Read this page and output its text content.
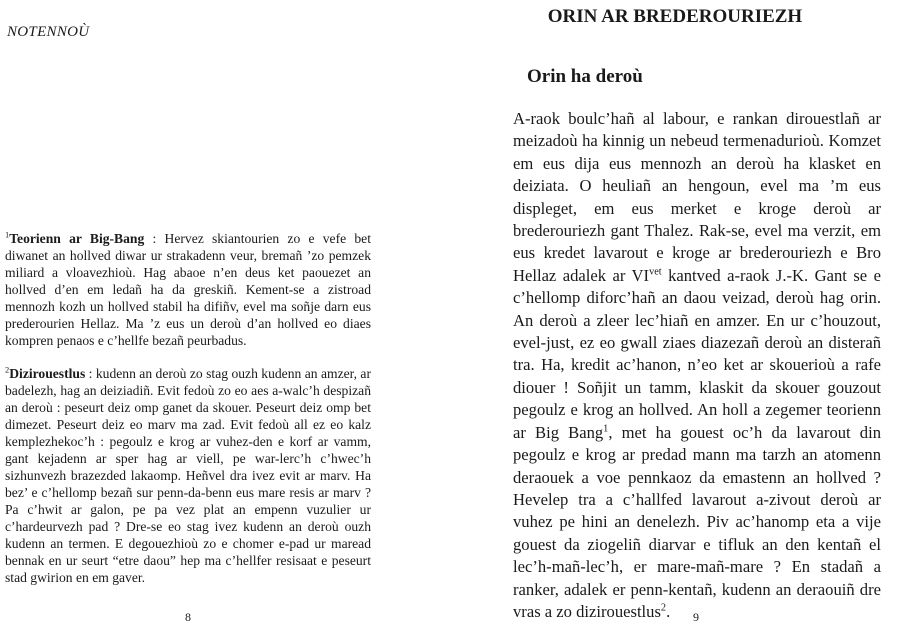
NOTENNOÙ

$^1$Teorienn ar Big-Bang : Hervez skiantourien zo e vefe bet diwanet an hollved diwar ur strakadenn veur, bremañ ’zo pemzek miliard a vloavezhioù. Hag abaoe n’en deus ket paouezet an hollved d’en em ledañ ha da greskiñ. Kement-se a zistroad mennozh kozh un hollved stabil ha difiñv, evel ma soñje darn eus prederourien Hellaz. Ma ’z eus un deroù d’an hollved eo diaes kompren penaos e c’hellfe bezañ peurbadus.

$^2$Dizirouestlus : kudenn an deroù zo stag ouzh kudenn an amzer, ar badelezh, hag an deiziadiñ. Evit fedoù zo eo aes a-walc’h despizañ an deroù : peseurt deiz omp ganet da skouer. Peseurt deiz omp bet dimezet. Peseurt deiz eo marv ma zad. Evit fedoù all ez eo kalz kemplezhekoc’h : pegoulz e krog ar vuhez-den e korf ar vamm, gant kejadenn ar sper hag ar viell, pe war-lerc’h c’hwec’h sizhunvezh brazezded lakaomp. Heñvel dra ivez evit ar marv. Ha bez’ e c’hellomp bezañ sur penn-da-benn eus mare resis ar marv ? Pa c’hwit ar galon, pe pa vez plat an empenn vuzulier ur c’hardeurvezh pad ? Dre-se eo stag ivez kudenn an deroù ouzh kudenn an termen. E degouezhioù zo e chomer e-pad ur maread bennak en ur seurt “etre daou” hep ma c’hellfer resisaat e peseurt stad gwirion en em gaver.

8
ORIN AR BREDEROURIEZH
Orin ha deroù

A-raok boulc’hañ al labour, e rankan dirouestlañ ar meizadoù ha kinnig un nebeud termenadurioù. Komzet em eus dija eus mennozh an deroù ha klasket en deiziata. O heuliañ an hengoun, evel ma ’m eus displeget, em eus merket e kroge deroù ar brederouriezh gant Thalez. Rak-se, evel ma verzit, em eus kredet lavarout e kroge ar brederouriezh e Bro Hellaz adalek ar $VI^{vet}$ kantved a-raok J.-K. Gant se e c’hellomp diforc’hañ an daou veizad, deroù hag orin. An deroù a zleer lec’hiañ en amzer. En ur c’houzout, evel-just, ez eo gwall ziaes diazezañ deroù an disterañ tra. Ha, kredit ac’hanon, n’eo ket ar skouerioù a rafe diouer ! Soñjit un tamm, klaskit da skouer gouzout pegoulz e krog an hollved. An holl a zegemer teorienn ar Big Bang$^1$, met ha gouest oc’h da lavarout din pegoulz e krog ar predad mann ma tarzh an atomenn deraouek a voe pennkaoz da emastenn an hollved ? Hevelep tra a c’hallfed lavarout a-zivout deroù ar vuhez pe hini an denelezh. Piv ac’hanomp eta a vije gouest da ziogeliñ diarvar e tifluk an den kentañ el lec’h-mañ-lec’h, er mare-mañ-mare ? En stadañ a ranker, adalek er penn-kentañ, kudenn an deraouiñ dre vras a zo dizirouestlus$^2$.	9
